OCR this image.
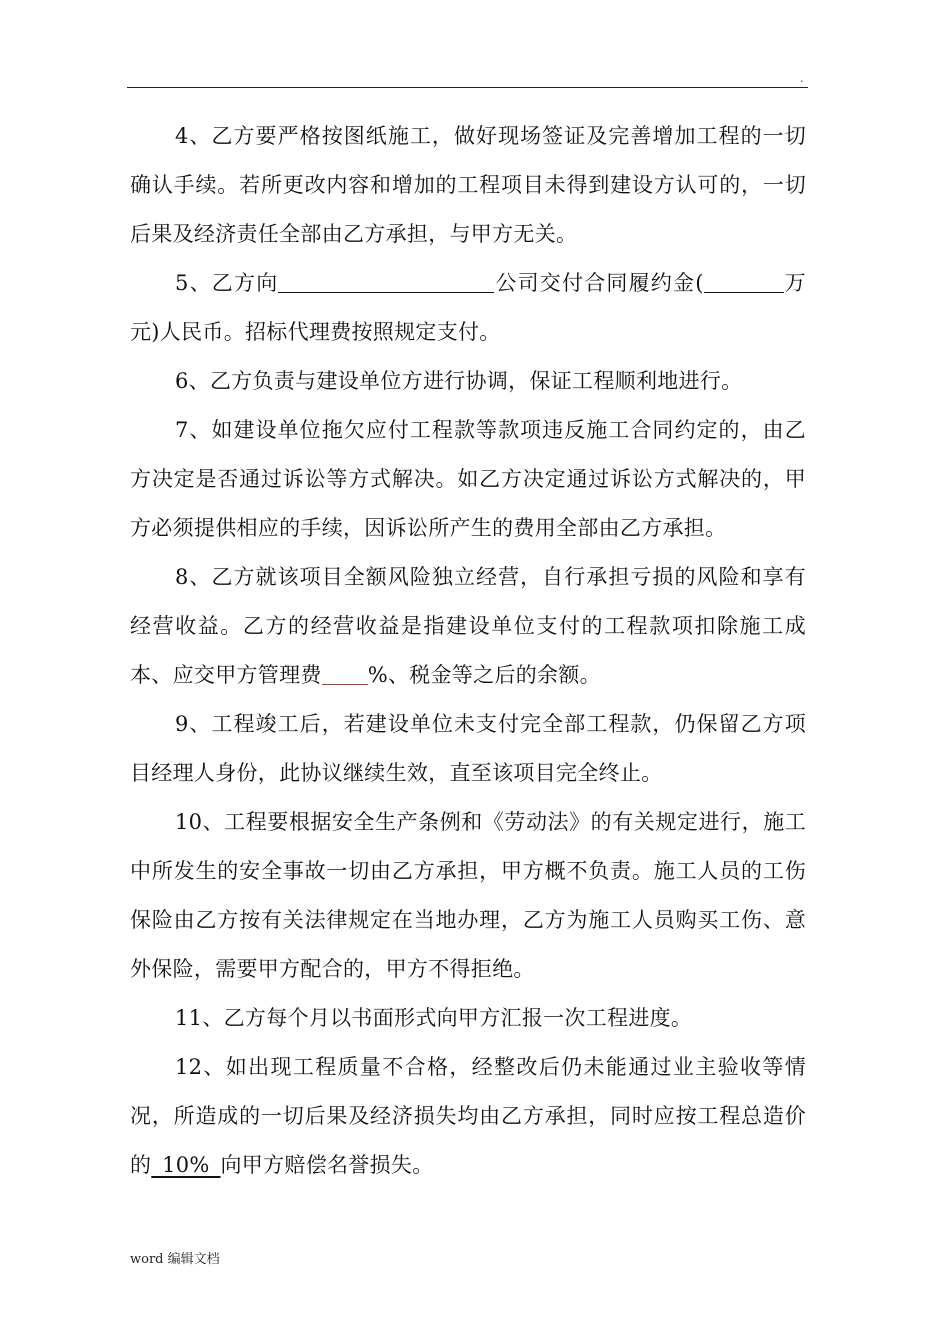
.

4、乙方要严格按图纸施工，做好现场签证及完善增加工程的一切确认手续。若所更改内容和增加的工程项目未得到建设方认可的，一切后果及经济责任全部由乙方承担，与甲方无关。

5、乙方向	公司交付合同履约金(	万元)人民币。招标代理费按照规定支付。

6、乙方负责与建设单位方进行协调，保证工程顺利地进行。

7、如建设单位拖欠应付工程款等款项违反施工合同约定的，由乙方决定是否通过诉讼等方式解决。如乙方决定通过诉讼方式解决的，甲方必须提供相应的手续，因诉讼所产生的费用全部由乙方承担。

8、乙方就该项目全额风险独立经营，自行承担亏损的风险和享有经营收益。乙方的经营收益是指建设单位支付的工程款项扣除施工成本、应交甲方管理费 %、税金等之后的余额。

9、工程竣工后，若建设单位未支付完全部工程款，仍保留乙方项目经理人身份，此协议继续生效，直至该项目完全终止。

10、工程要根据安全生产条例和《劳动法》的有关规定进行，施工中所发生的安全事故一切由乙方承担，甲方概不负责。施工人员的工伤保险由乙方按有关法律规定在当地办理，乙方为施工人员购买工伤、意外保险，需要甲方配合的，甲方不得拒绝。

11、乙方每个月以书面形式向甲方汇报一次工程进度。

12、如出现工程质量不合格，经整改后仍未能通过业主验收等情况，所造成的一切后果及经济损失均由乙方承担，同时应按工程总造价的_10%_向甲方赔偿名誉损失。

word 编辑文档
